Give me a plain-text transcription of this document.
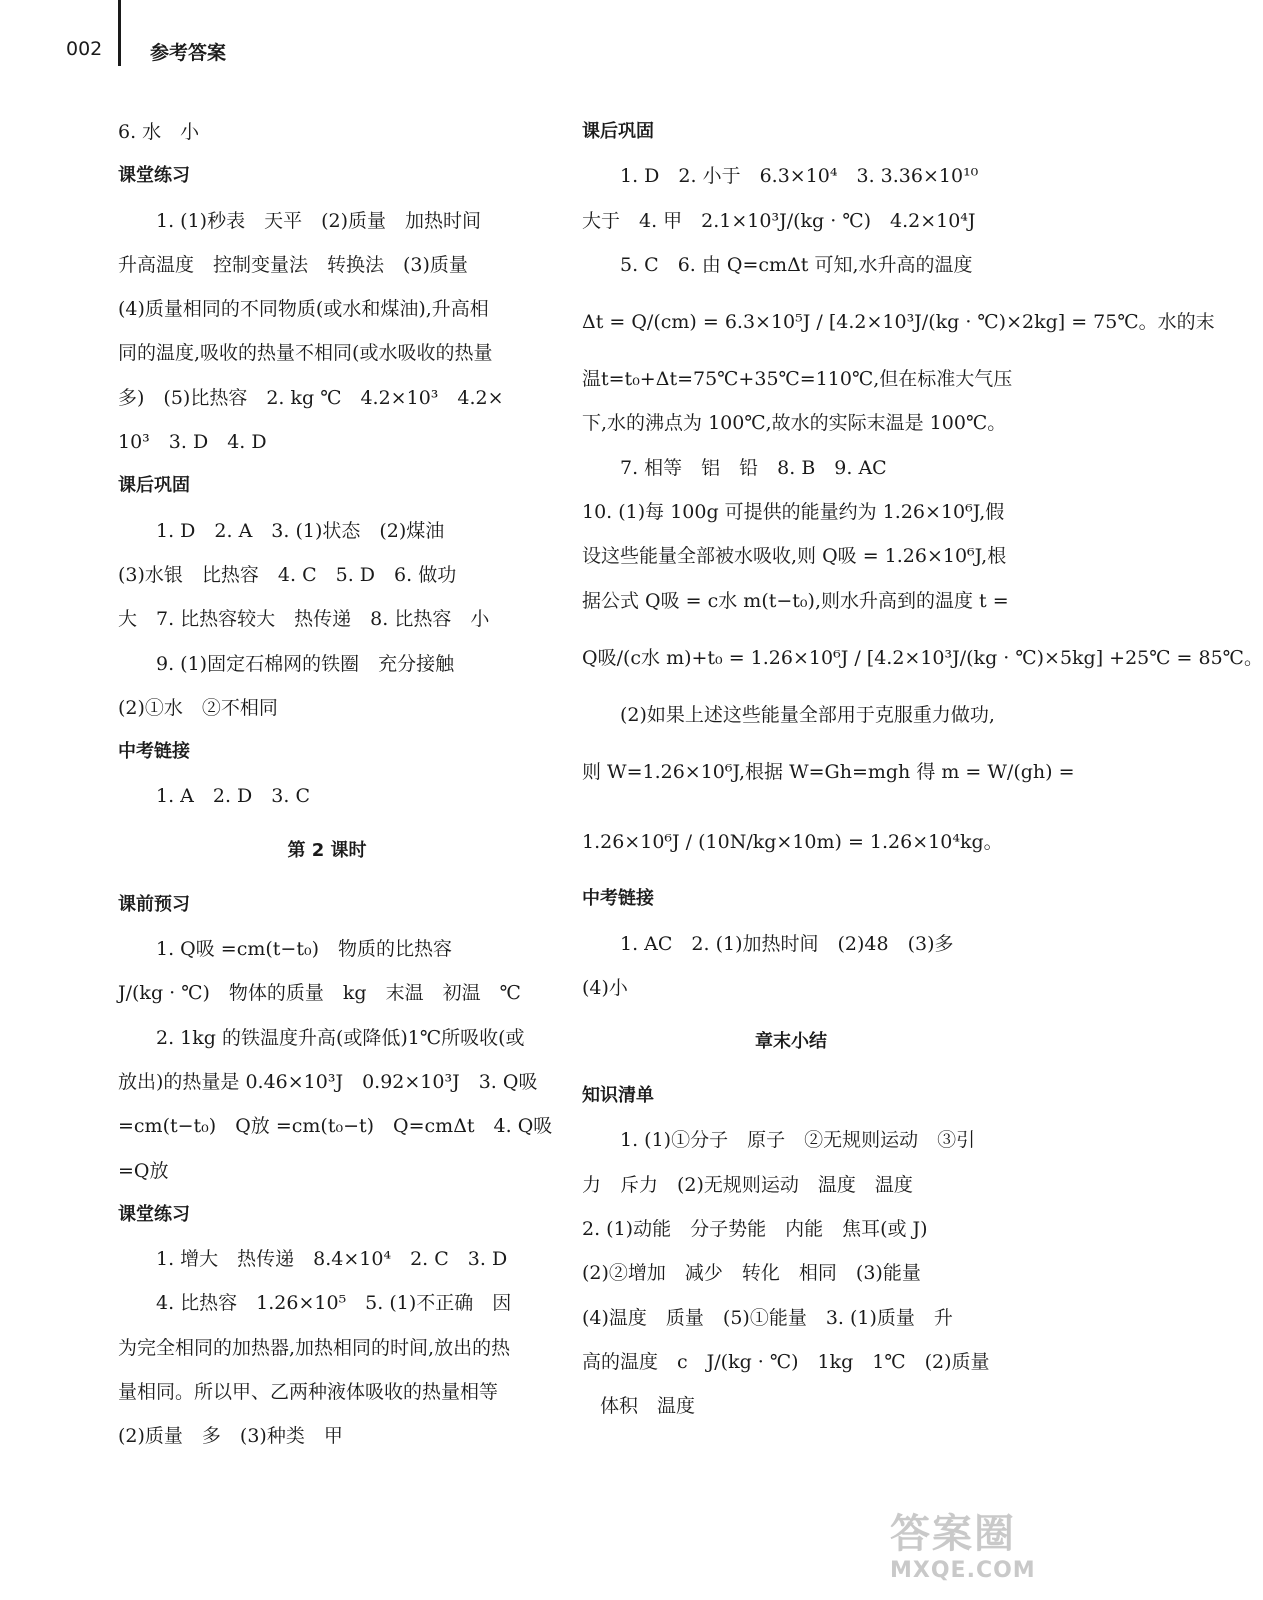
002	参考答案
6. 水　小
课堂练习
1. (1)秒表　天平　(2)质量　加热时间
升高温度　控制变量法　转换法　(3)质量
(4)质量相同的不同物质(或水和煤油),升高相
同的温度,吸收的热量不相同(或水吸收的热量
多)　(5)比热容　2. kg ℃　4.2×10³　4.2×
10³　3. D　4. D
课后巩固
1. D　2. A　3. (1)状态　(2)煤油
(3)水银　比热容　4. C　5. D　6. 做功
大　7. 比热容较大　热传递　8. 比热容　小
9. (1)固定石棉网的铁圈　充分接触
(2)①水　②不相同
中考链接
1. A　2. D　3. C
第 2 课时
课前预习
1. Q吸 =cm(t−t₀)　物质的比热容
J/(kg · ℃)　物体的质量　kg　末温　初温　℃
2. 1kg 的铁温度升高(或降低)1℃所吸收(或
放出)的热量是 0.46×10³J　0.92×10³J　3. Q吸
=cm(t−t₀)　Q放 =cm(t₀−t)　Q=cmΔt　4. Q吸
=Q放
课堂练习
1. 增大　热传递　8.4×10⁴　2. C　3. D
4. 比热容　1.26×10⁵　5. (1)不正确　因
为完全相同的加热器,加热相同的时间,放出的热
量相同。所以甲、乙两种液体吸收的热量相等
(2)质量　多　(3)种类　甲
课后巩固
1. D　2. 小于　6.3×10⁴　3. 3.36×10¹⁰
大于　4. 甲　2.1×10³J/(kg · ℃)　4.2×10⁴J
5. C　6. 由 Q=cmΔt 可知,水升高的温度
Δt = Q/(cm) = 6.3×10⁵J / [4.2×10³J/(kg · ℃)×2kg] = 75℃。水的末
温t=t₀+Δt=75℃+35℃=110℃,但在标准大气压
下,水的沸点为 100℃,故水的实际末温是 100℃。
7. 相等　铝　铅　8. B　9. AC
10. (1)每 100g 可提供的能量约为 1.26×10⁶J,假
设这些能量全部被水吸收,则 Q吸 = 1.26×10⁶J,根
据公式 Q吸 = c水 m(t−t₀),则水升高到的温度 t =
Q吸/(c水 m)+t₀ = 1.26×10⁶J / [4.2×10³J/(kg · ℃)×5kg] +25℃ = 85℃。
(2)如果上述这些能量全部用于克服重力做功,
则 W=1.26×10⁶J,根据 W=Gh=mgh 得 m = W/(gh) =
1.26×10⁶J / (10N/kg×10m) = 1.26×10⁴kg。
中考链接
1. AC　2. (1)加热时间　(2)48　(3)多
(4)小
章末小结
知识清单
1. (1)①分子　原子　②无规则运动　③引
力　斥力　(2)无规则运动　温度　温度
2. (1)动能　分子势能　内能　焦耳(或 J)
(2)②增加　减少　转化　相同　(3)能量
(4)温度　质量　(5)①能量　3. (1)质量　升
高的温度　c　J/(kg · ℃)　1kg　1℃　(2)质量
体积　温度
答案圈
MXQE.COM
